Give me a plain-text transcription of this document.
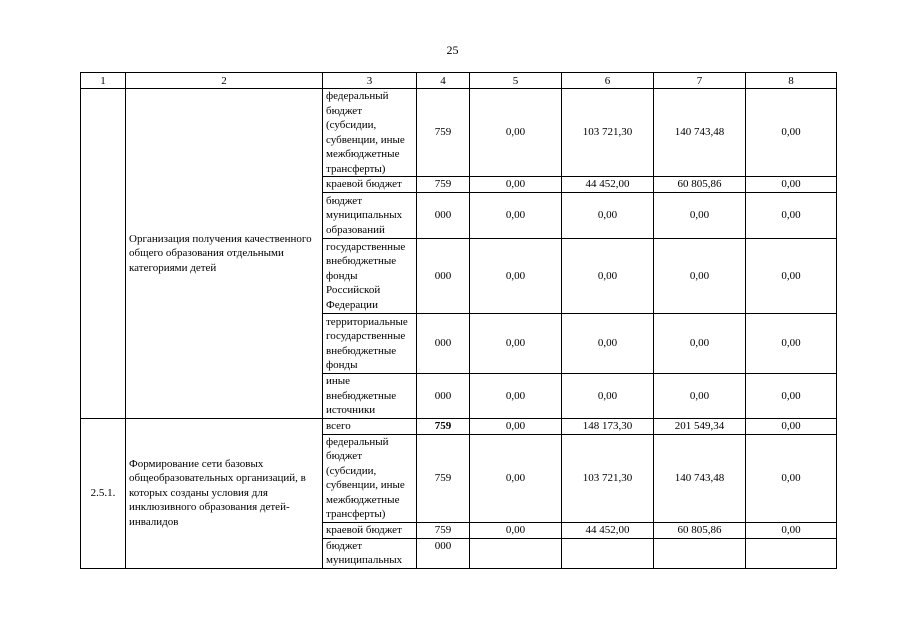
25
1	2	3	4	5	6	7	8
	Организация получения качественного общего образования отдельными категориями детей	федеральный бюджет (субсидии, субвенции, иные межбюджетные трансферты)	759	0,00	103 721,30	140 743,48	0,00
		краевой бюджет	759	0,00	44 452,00	60 805,86	0,00
		бюджет муниципальных образований	000	0,00	0,00	0,00	0,00
		государственные внебюджетные фонды Российской Федерации	000	0,00	0,00	0,00	0,00
		территориальные государственные внебюджетные фонды	000	0,00	0,00	0,00	0,00
		иные внебюджетные источники	000	0,00	0,00	0,00	0,00
2.5.1.	Формирование сети базовых общеобразовательных организаций, в которых созданы условия для инклюзивного образования детей-инвалидов	всего	759	0,00	148 173,30	201 549,34	0,00
		федеральный бюджет (субсидии, субвенции, иные межбюджетные трансферты)	759	0,00	103 721,30	140 743,48	0,00
		краевой бюджет	759	0,00	44 452,00	60 805,86	0,00
		бюджет муниципальных	000				
